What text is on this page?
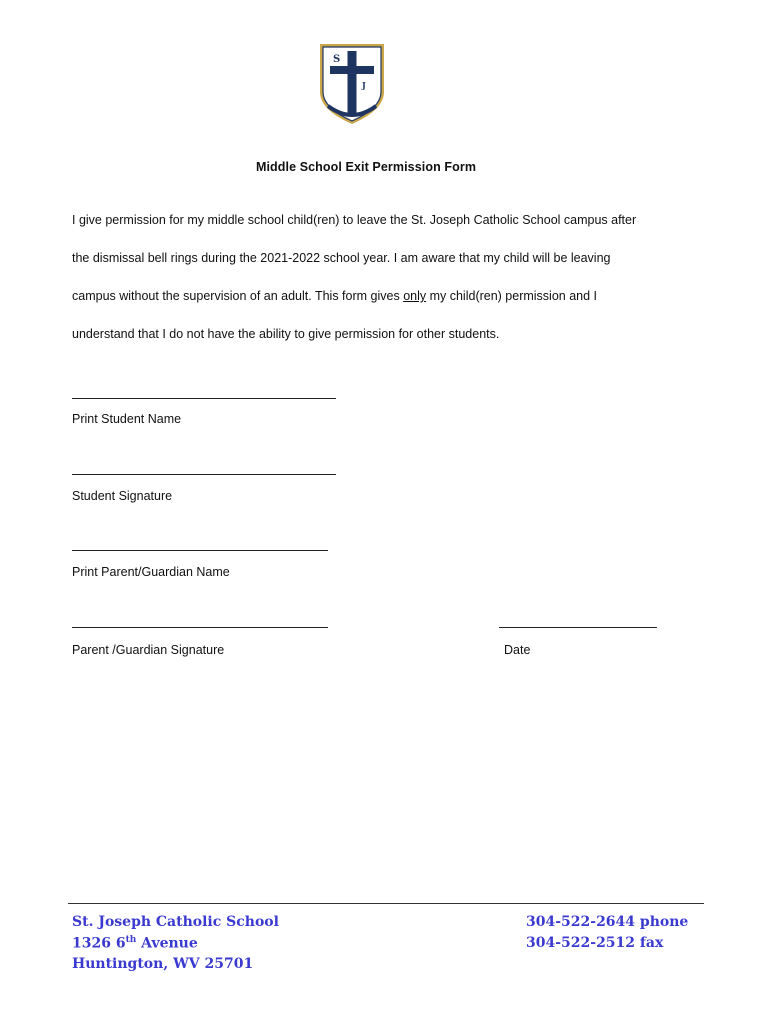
S
J
Middle School Exit Permission Form
I give permission for my middle school child(ren) to leave the St. Joseph Catholic School campus after
the dismissal bell rings during the 2021-2022 school year. I am aware that my child will be leaving
campus without the supervision of an adult. This form gives only my child(ren) permission and I
understand that I do not have the ability to give permission for other students.
Print Student Name
Student Signature
Print Parent/Guardian Name
Parent /Guardian Signature	Date
St. Joseph Catholic School
1326 6th Avenue
Huntington, WV 25701
304-522-2644 phone
304-522-2512 fax
